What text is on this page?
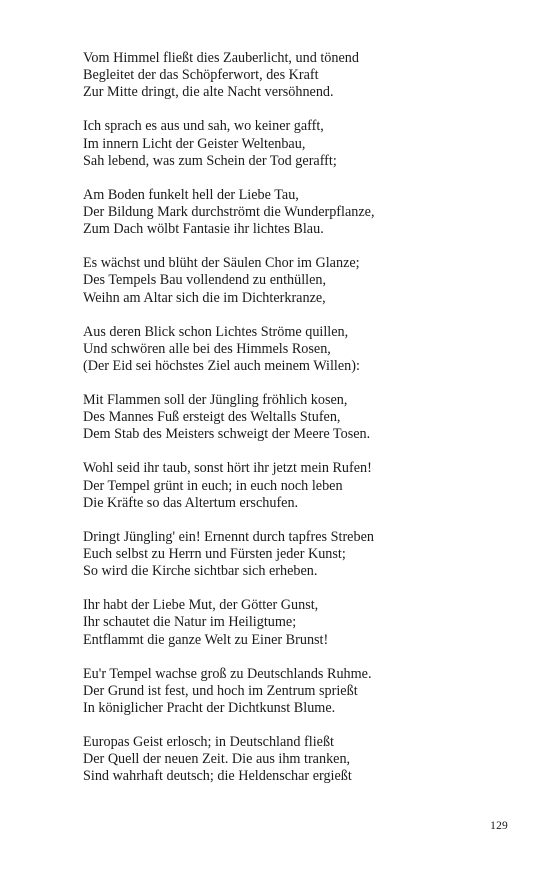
Vom Himmel fließt dies Zauberlicht, und tönend
Begleitet der das Schöpferwort, des Kraft
Zur Mitte dringt, die alte Nacht versöhnend.
Ich sprach es aus und sah, wo keiner gafft,
Im innern Licht der Geister Weltenbau,
Sah lebend, was zum Schein der Tod gerafft;
Am Boden funkelt hell der Liebe Tau,
Der Bildung Mark durchströmt die Wunderpflanze,
Zum Dach wölbt Fantasie ihr lichtes Blau.
Es wächst und blüht der Säulen Chor im Glanze;
Des Tempels Bau vollendend zu enthüllen,
Weihn am Altar sich die im Dichterkranze,
Aus deren Blick schon Lichtes Ströme quillen,
Und schwören alle bei des Himmels Rosen,
(Der Eid sei höchstes Ziel auch meinem Willen):
Mit Flammen soll der Jüngling fröhlich kosen,
Des Mannes Fuß ersteigt des Weltalls Stufen,
Dem Stab des Meisters schweigt der Meere Tosen.
Wohl seid ihr taub, sonst hört ihr jetzt mein Rufen!
Der Tempel grünt in euch; in euch noch leben
Die Kräfte so das Altertum erschufen.
Dringt Jüngling' ein! Ernennt durch tapfres Streben
Euch selbst zu Herrn und Fürsten jeder Kunst;
So wird die Kirche sichtbar sich erheben.
Ihr habt der Liebe Mut, der Götter Gunst,
Ihr schautet die Natur im Heiligtume;
Entflammt die ganze Welt zu Einer Brunst!
Eu'r Tempel wachse groß zu Deutschlands Ruhme.
Der Grund ist fest, und hoch im Zentrum sprießt
In königlicher Pracht der Dichtkunst Blume.
Europas Geist erlosch; in Deutschland fließt
Der Quell der neuen Zeit. Die aus ihm tranken,
Sind wahrhaft deutsch; die Heldenschar ergießt
129
